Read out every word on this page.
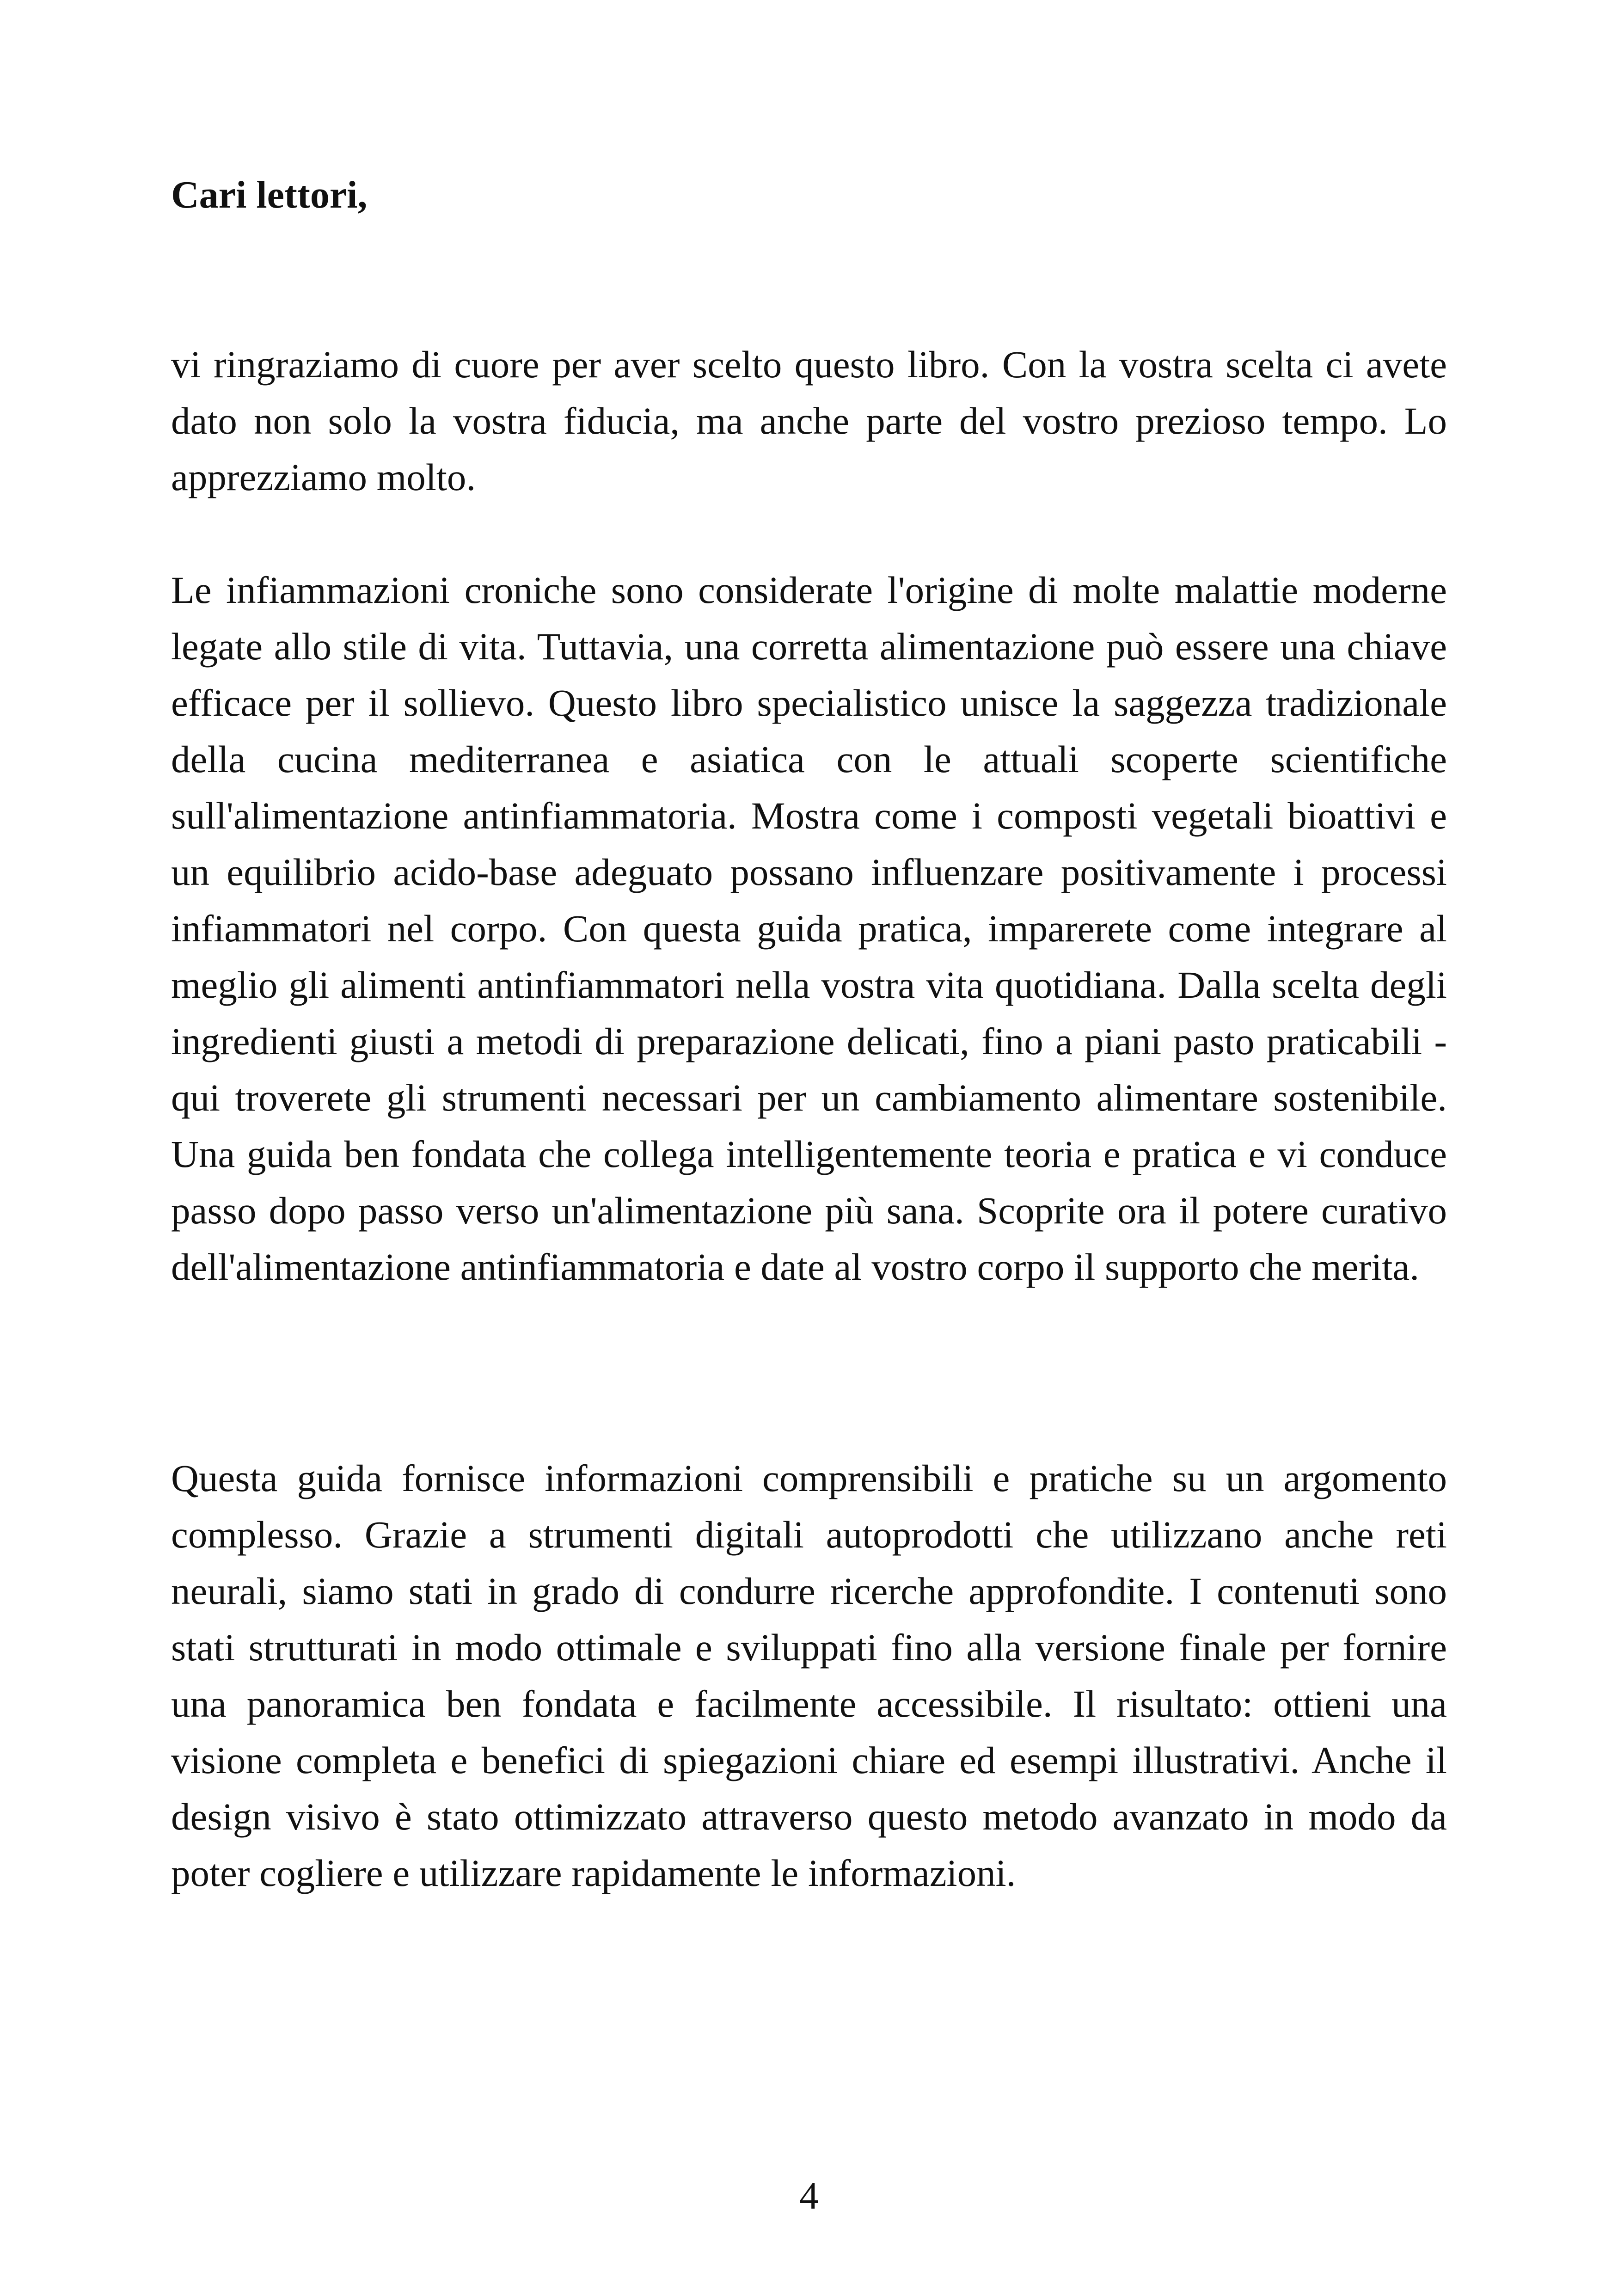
Cari lettori,

vi ringraziamo di cuore per aver scelto questo libro. Con la vostra scelta ci avete dato non solo la vostra fiducia, ma anche parte del vostro prezioso tempo. Lo apprezziamo molto.

Le infiammazioni croniche sono considerate l'origine di molte malattie moderne legate allo stile di vita. Tuttavia, una corretta alimentazione può essere una chiave efficace per il sollievo. Questo libro specialistico unisce la saggezza tradizionale della cucina mediterranea e asiatica con le attuali scoperte scientifiche sull'alimentazione antinfiammatoria. Mostra come i composti vegetali bioattivi e un equilibrio acido-base adeguato possano influenzare positivamente i processi infiammatori nel corpo. Con questa guida pratica, imparerete come integrare al meglio gli alimenti antinfiammatori nella vostra vita quotidiana. Dalla scelta degli ingredienti giusti a metodi di preparazione delicati, fino a piani pasto praticabili - qui troverete gli strumenti necessari per un cambiamento alimentare sostenibile. Una guida ben fondata che collega intelligentemente teoria e pratica e vi conduce passo dopo passo verso un'alimentazione più sana. Scoprite ora il potere curativo dell'alimentazione antinfiammatoria e date al vostro corpo il supporto che merita.

Questa guida fornisce informazioni comprensibili e pratiche su un argomento complesso. Grazie a strumenti digitali autoprodotti che utilizzano anche reti neurali, siamo stati in grado di condurre ricerche approfondite. I contenuti sono stati strutturati in modo ottimale e sviluppati fino alla versione finale per fornire una panoramica ben fondata e facilmente accessibile. Il risultato: ottieni una visione completa e benefici di spiegazioni chiare ed esempi illustrativi. Anche il design visivo è stato ottimizzato attraverso questo metodo avanzato in modo da poter cogliere e utilizzare rapidamente le informazioni.

4
